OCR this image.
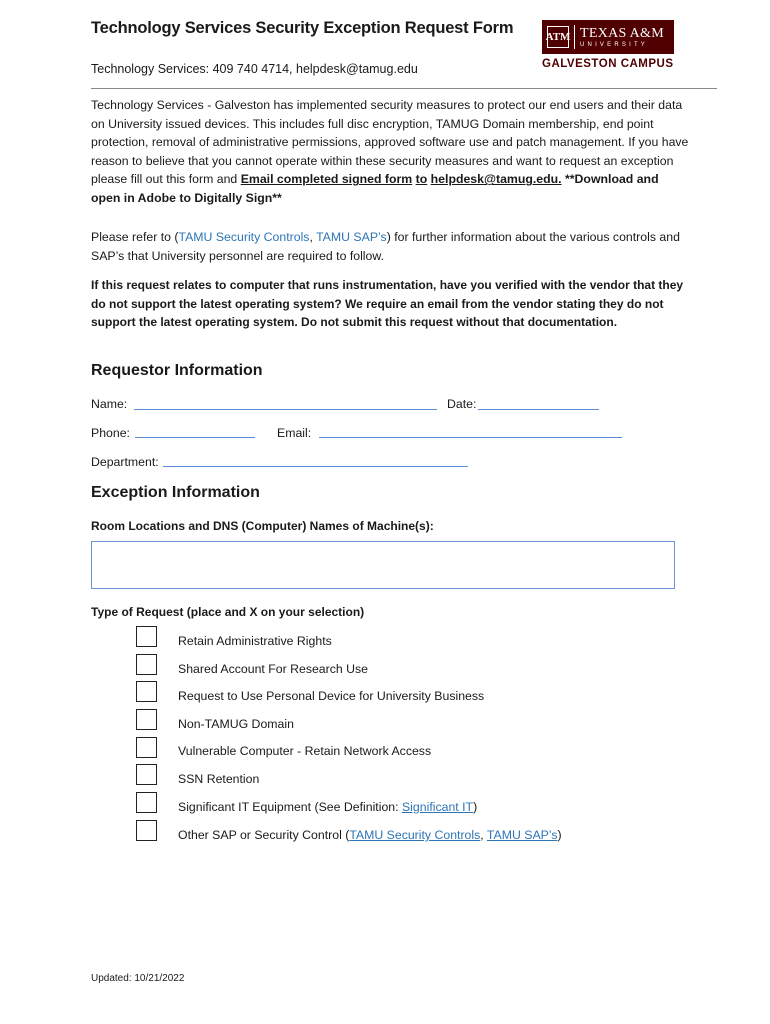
Technology Services Security Exception Request Form
Technology Services: 409 740 4714, helpdesk@tamug.edu
ATM TEXAS A&M
UNIVERSITY
GALVESTON CAMPUS
Technology Services - Galveston has implemented security measures to protect our end users and their data on University issued devices. This includes full disc encryption, TAMUG Domain membership, end point protection, removal of administrative permissions, approved software use and patch management. If you have reason to believe that you cannot operate within these security measures and want to request an exception please fill out this form and Email completed signed form to helpdesk@tamug.edu. **Download and open in Adobe to Digitally Sign**
Please refer to (TAMU Security Controls, TAMU SAP’s) for further information about the various controls and SAP’s that University personnel are required to follow.
If this request relates to computer that runs instrumentation, have you verified with the vendor that they do not support the latest operating system? We require an email from the vendor stating they do not support the latest operating system. Do not submit this request without that documentation.
Requestor Information
Name:	Date:
Phone:	Email:
Department:
Exception Information
Room Locations and DNS (Computer) Names of Machine(s):
Type of Request (place and X on your selection)
Retain Administrative Rights
Shared Account For Research Use
Request to Use Personal Device for University Business
Non-TAMUG Domain
Vulnerable Computer - Retain Network Access
SSN Retention
Significant IT Equipment (See Definition: Significant IT)
Other SAP or Security Control (TAMU Security Controls, TAMU SAP’s)
Updated: 10/21/2022
